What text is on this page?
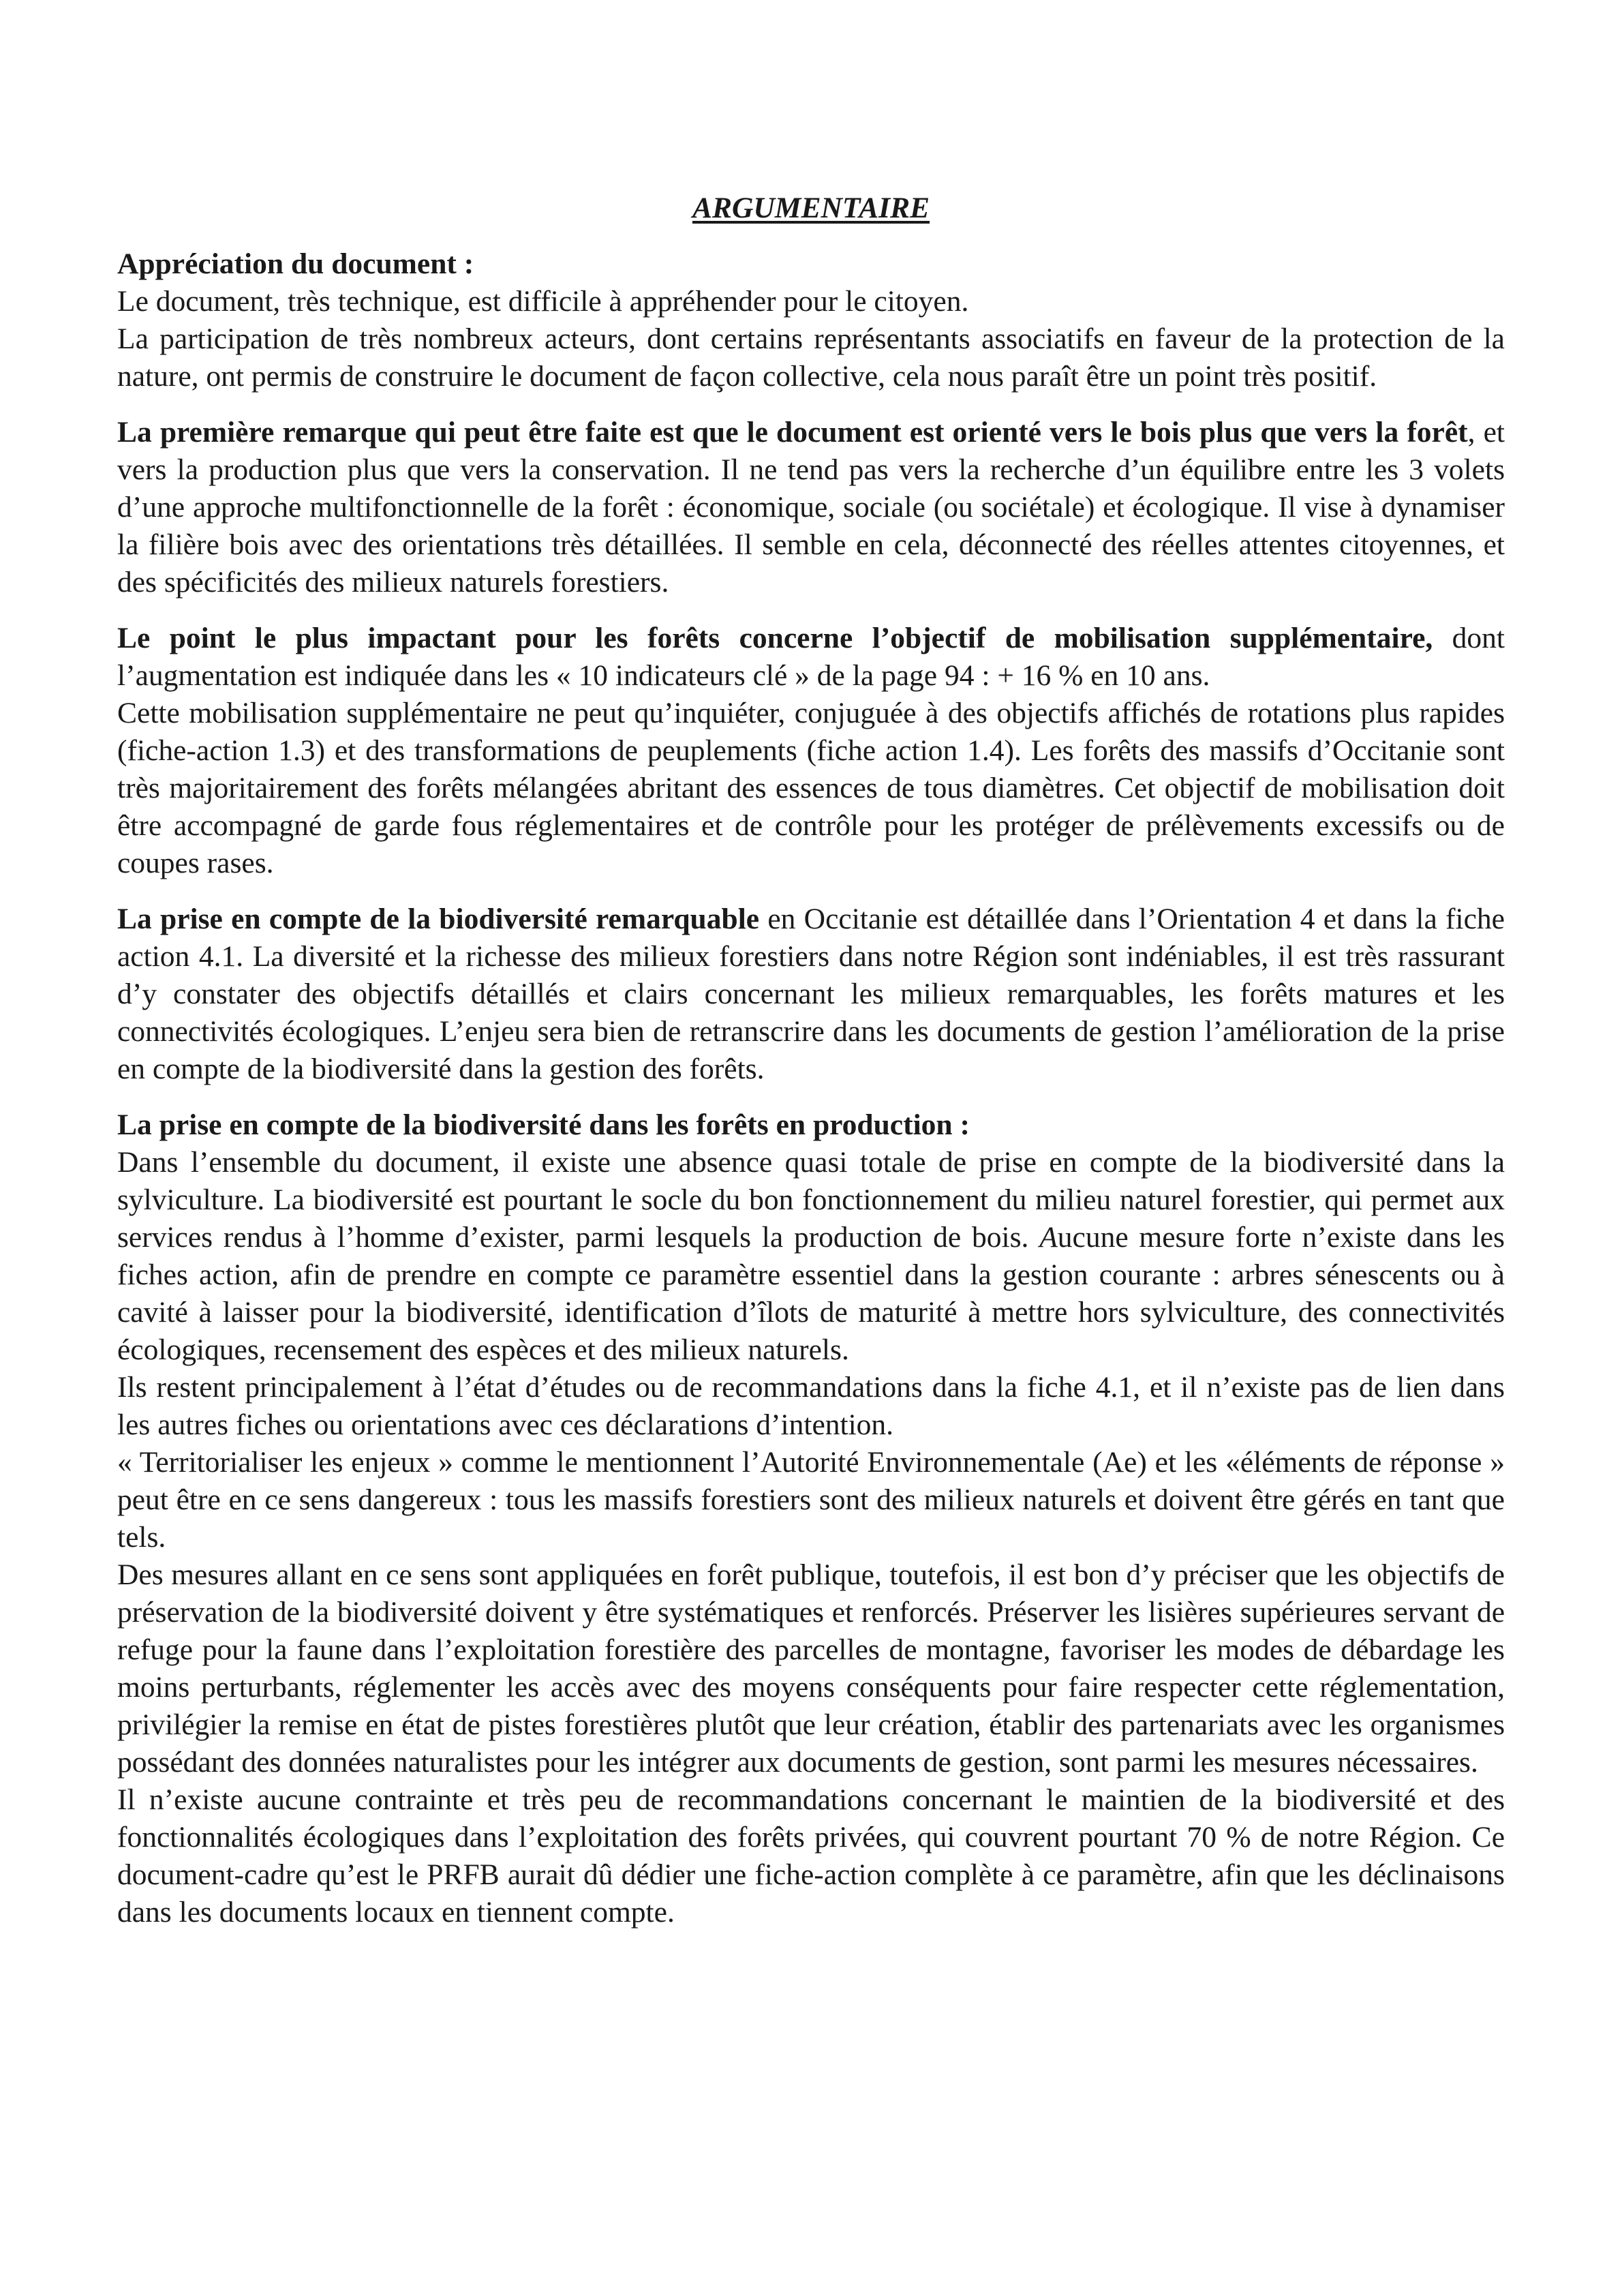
ARGUMENTAIRE
Appréciation du document :
Le document, très technique, est difficile à appréhender pour le citoyen.
La participation de très nombreux acteurs, dont certains représentants associatifs en faveur de la protection de la nature, ont permis de construire le document de façon collective, cela nous paraît être un point très positif.
La première remarque qui peut être faite est que le document est orienté vers le bois plus que vers la forêt, et vers la production plus que vers la conservation. Il ne tend pas vers la recherche d’un équilibre entre les 3 volets d’une approche multifonctionnelle de la forêt : économique, sociale (ou sociétale) et écologique. Il vise à dynamiser la filière bois avec des orientations très détaillées. Il semble en cela, déconnecté des réelles attentes citoyennes, et des spécificités des milieux naturels forestiers.
Le point le plus impactant pour les forêts concerne l’objectif de mobilisation supplémentaire, dont l’augmentation est indiquée dans les « 10 indicateurs clé » de la page 94 : + 16 % en 10 ans.
Cette mobilisation supplémentaire ne peut qu’inquiéter, conjuguée à des objectifs affichés de rotations plus rapides (fiche-action 1.3) et des transformations de peuplements (fiche action 1.4). Les forêts des massifs d’Occitanie sont très majoritairement des forêts mélangées abritant des essences de tous diamètres. Cet objectif de mobilisation doit être accompagné de garde fous réglementaires et de contrôle pour les protéger de prélèvements excessifs ou de coupes rases.
La prise en compte de la biodiversité remarquable en Occitanie est détaillée dans l’Orientation 4 et dans la fiche action 4.1. La diversité et la richesse des milieux forestiers dans notre Région sont indéniables, il est très rassurant d’y constater des objectifs détaillés et clairs concernant les milieux remarquables, les forêts matures et les connectivités écologiques. L’enjeu sera bien de retranscrire dans les documents de gestion l’amélioration de la prise en compte de la biodiversité dans la gestion des forêts.
La prise en compte de la biodiversité dans les forêts en production :
Dans l’ensemble du document, il existe une absence quasi totale de prise en compte de la biodiversité dans la sylviculture. La biodiversité est pourtant le socle du bon fonctionnement du milieu naturel forestier, qui permet aux services rendus à l’homme d’exister, parmi lesquels la production de bois. Aucune mesure forte n’existe dans les fiches action, afin de prendre en compte ce paramètre essentiel dans la gestion courante : arbres sénescents ou à cavité à laisser pour la biodiversité, identification d’îlots de maturité à mettre hors sylviculture, des connectivités écologiques, recensement des espèces et des milieux naturels.
Ils restent principalement à l’état d’études ou de recommandations dans la fiche 4.1, et il n’existe pas de lien dans les autres fiches ou orientations avec ces déclarations d’intention.
« Territorialiser les enjeux » comme le mentionnent l’Autorité Environnementale (Ae) et les «éléments de réponse » peut être en ce sens dangereux : tous les massifs forestiers sont des milieux naturels et doivent être gérés en tant que tels.
Des mesures allant en ce sens sont appliquées en forêt publique, toutefois, il est bon d’y préciser que les objectifs de préservation de la biodiversité doivent y être systématiques et renforcés. Préserver les lisières supérieures servant de refuge pour la faune dans l’exploitation forestière des parcelles de montagne, favoriser les modes de débardage les moins perturbants, réglementer les accès avec des moyens conséquents pour faire respecter cette réglementation, privilégier la remise en état de pistes forestières plutôt que leur création, établir des partenariats avec les organismes possédant des données naturalistes pour les intégrer aux documents de gestion, sont parmi les mesures nécessaires.
Il n’existe aucune contrainte et très peu de recommandations concernant le maintien de la biodiversité et des fonctionnalités écologiques dans l’exploitation des forêts privées, qui couvrent pourtant 70 % de notre Région. Ce document-cadre qu’est le PRFB aurait dû dédier une fiche-action complète à ce paramètre, afin que les déclinaisons dans les documents locaux en tiennent compte.
